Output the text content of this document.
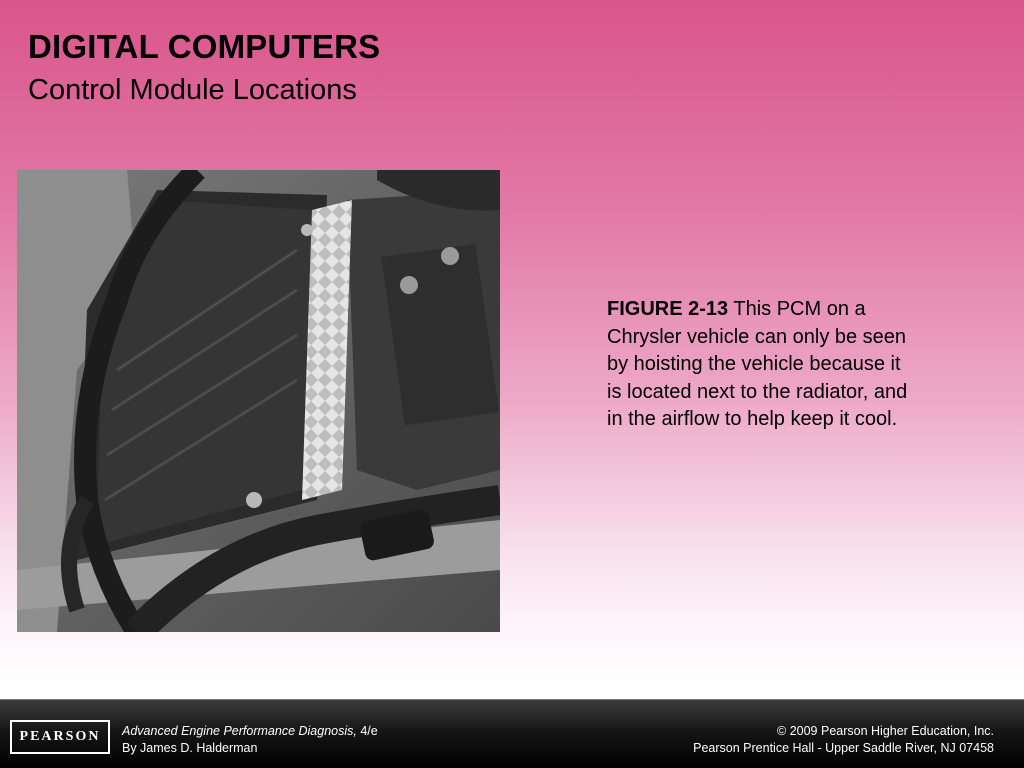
DIGITAL COMPUTERS
Control Module Locations

FIGURE 2-13 This PCM on a Chrysler vehicle can only be seen by hoisting the vehicle because it is located next to the radiator, and in the airflow to help keep it cool.

PEARSON Advanced Engine Performance Diagnosis, 4/e
By James D. Halderman
© 2009 Pearson Higher Education, Inc.
Pearson Prentice Hall - Upper Saddle River, NJ 07458
